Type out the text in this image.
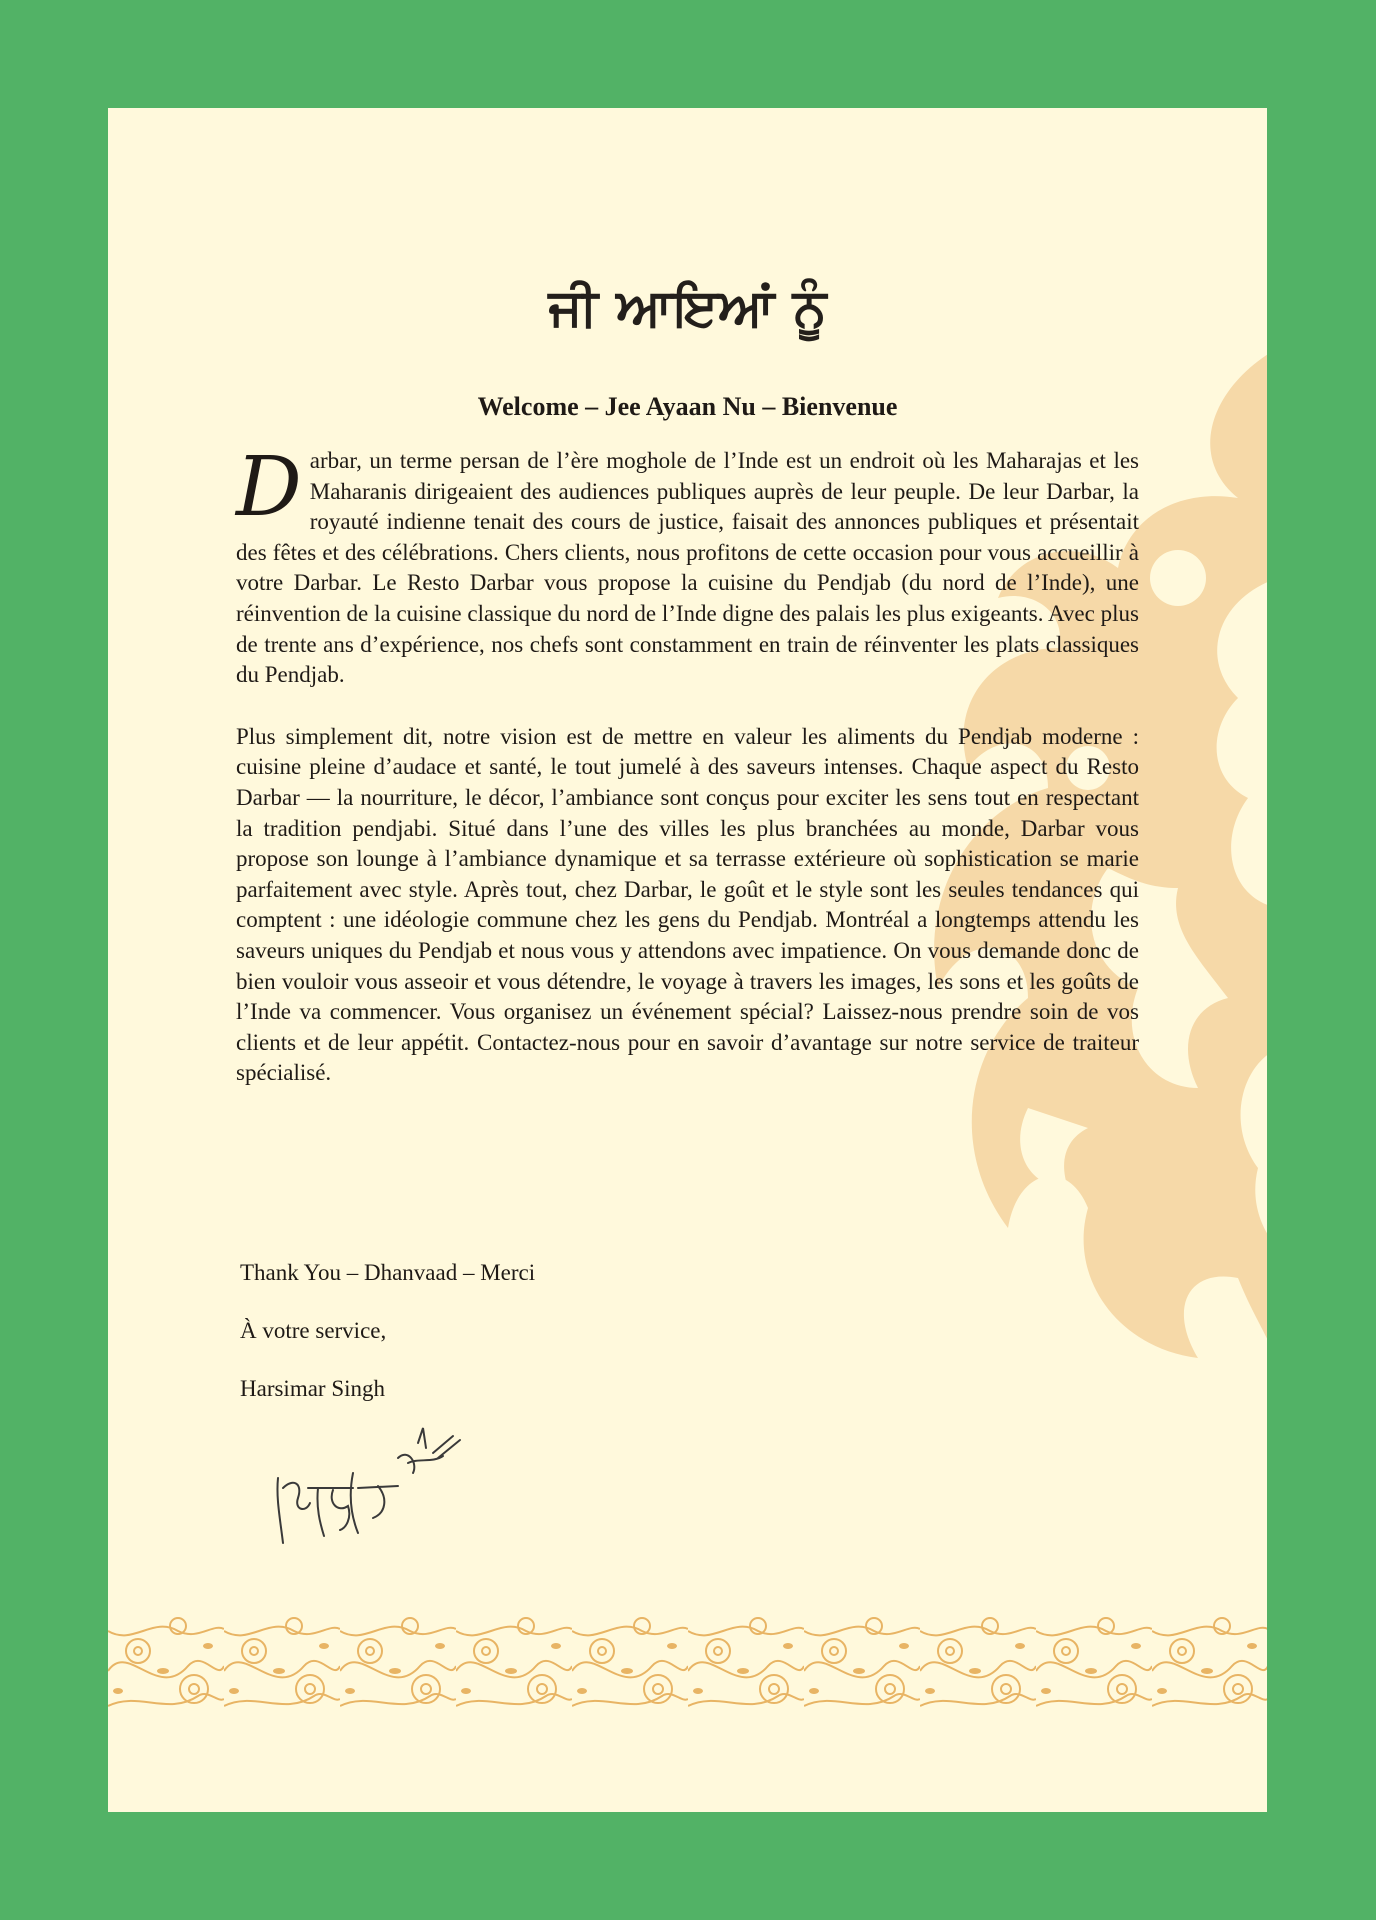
ਜੀ ਆਇਆਂ ਨੂੰ
Welcome – Jee Ayaan Nu – Bienvenue

Darbar, un terme persan de l’ère moghole de l’Inde est un endroit où les Maharajas et les Maharanis dirigeaient des audiences publiques auprès de leur peuple. De leur Darbar, la royauté indienne tenait des cours de justice, faisait des annonces publiques et présentait des fêtes et des célébrations. Chers clients, nous profitons de cette occasion pour vous accueillir à votre Darbar. Le Resto Darbar vous propose la cuisine du Pendjab (du nord de l’Inde), une réinvention de la cuisine classique du nord de l’Inde digne des palais les plus exigeants. Avec plus de trente ans d’expérience, nos chefs sont constamment en train de réinventer les plats classiques du Pendjab.

Plus simplement dit, notre vision est de mettre en valeur les aliments du Pendjab moderne : cuisine pleine d’audace et santé, le tout jumelé à des saveurs intenses. Chaque aspect du Resto Darbar — la nourriture, le décor, l’ambiance sont conçus pour exciter les sens tout en respectant la tradition pendjabi. Situé dans l’une des villes les plus branchées au monde, Darbar vous propose son lounge à l’ambiance dynamique et sa terrasse extérieure où sophistication se marie parfaitement avec style. Après tout, chez Darbar, le goût et le style sont les seules tendances qui comptent : une idéologie commune chez les gens du Pendjab. Montréal a longtemps attendu les saveurs uniques du Pendjab et nous vous y attendons avec impatience. On vous demande donc de bien vouloir vous asseoir et vous détendre, le voyage à travers les images, les sons et les goûts de l’Inde va commencer. Vous organisez un événement spécial? Laissez-nous prendre soin de vos clients et de leur appétit. Contactez-nous pour en savoir d’avantage sur notre service de traiteur spécialisé.

Thank You – Dhanvaad – Merci
À votre service,
Harsimar Singh
